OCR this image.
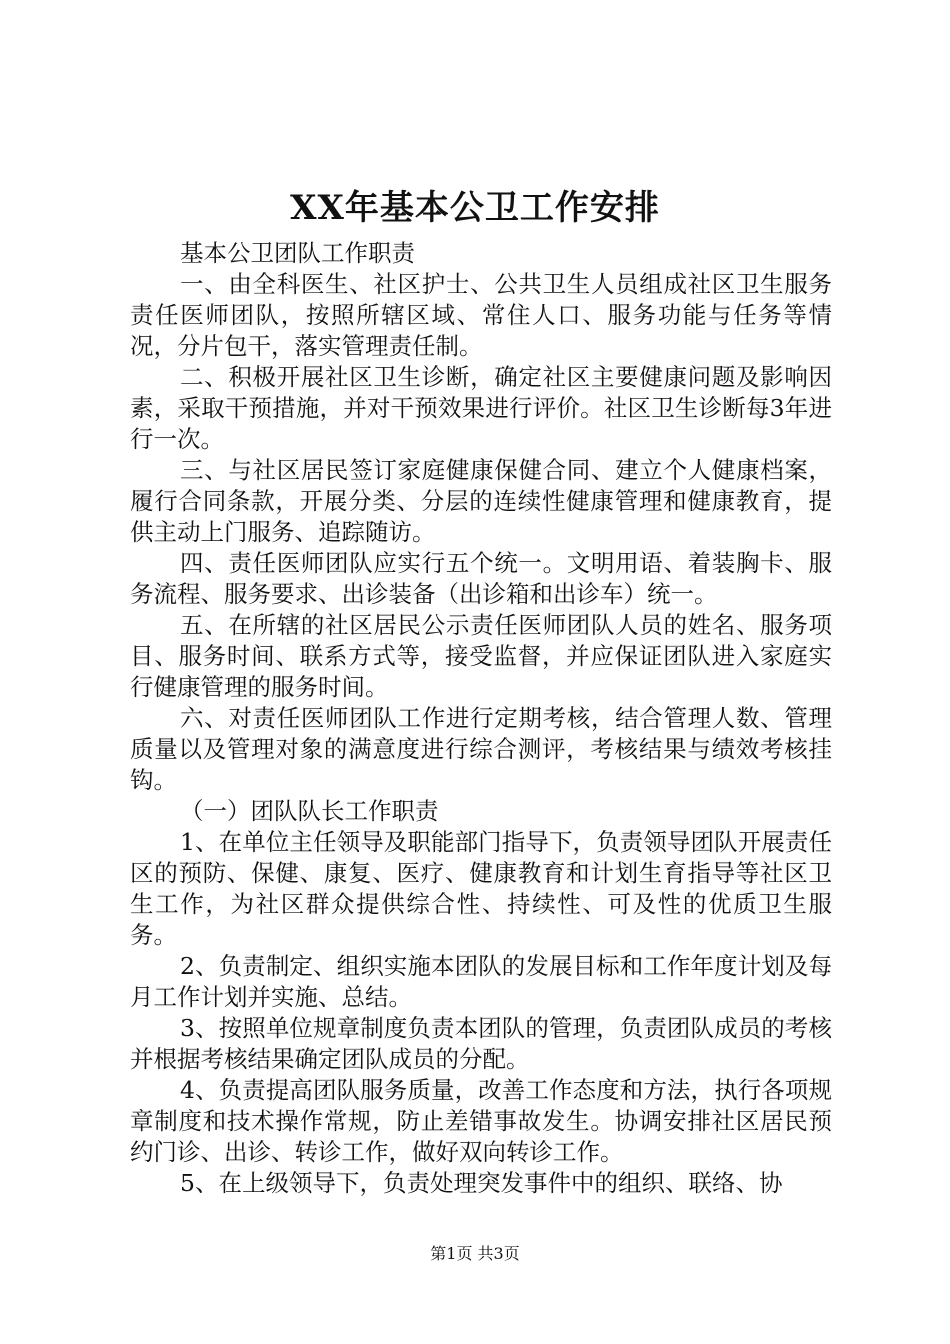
XX年基本公卫工作安排

基本公卫团队工作职责

一、由全科医生、社区护士、公共卫生人员组成社区卫生服务责任医师团队，按照所辖区域、常住人口、服务功能与任务等情况，分片包干，落实管理责任制。

二、积极开展社区卫生诊断，确定社区主要健康问题及影响因素，采取干预措施，并对干预效果进行评价。社区卫生诊断每3年进行一次。

三、与社区居民签订家庭健康保健合同、建立个人健康档案，履行合同条款，开展分类、分层的连续性健康管理和健康教育，提供主动上门服务、追踪随访。

四、责任医师团队应实行五个统一。文明用语、着装胸卡、服务流程、服务要求、出诊装备（出诊箱和出诊车）统一。

五、在所辖的社区居民公示责任医师团队人员的姓名、服务项目、服务时间、联系方式等，接受监督，并应保证团队进入家庭实行健康管理的服务时间。

六、对责任医师团队工作进行定期考核，结合管理人数、管理质量以及管理对象的满意度进行综合测评，考核结果与绩效考核挂钩。

（一）团队队长工作职责

1、在单位主任领导及职能部门指导下，负责领导团队开展责任区的预防、保健、康复、医疗、健康教育和计划生育指导等社区卫生工作，为社区群众提供综合性、持续性、可及性的优质卫生服务。

2、负责制定、组织实施本团队的发展目标和工作年度计划及每月工作计划并实施、总结。

3、按照单位规章制度负责本团队的管理，负责团队成员的考核并根据考核结果确定团队成员的分配。

4、负责提高团队服务质量，改善工作态度和方法，执行各项规章制度和技术操作常规，防止差错事故发生。协调安排社区居民预约门诊、出诊、转诊工作，做好双向转诊工作。

5、在上级领导下，负责处理突发事件中的组织、联络、协

第1页 共3页
